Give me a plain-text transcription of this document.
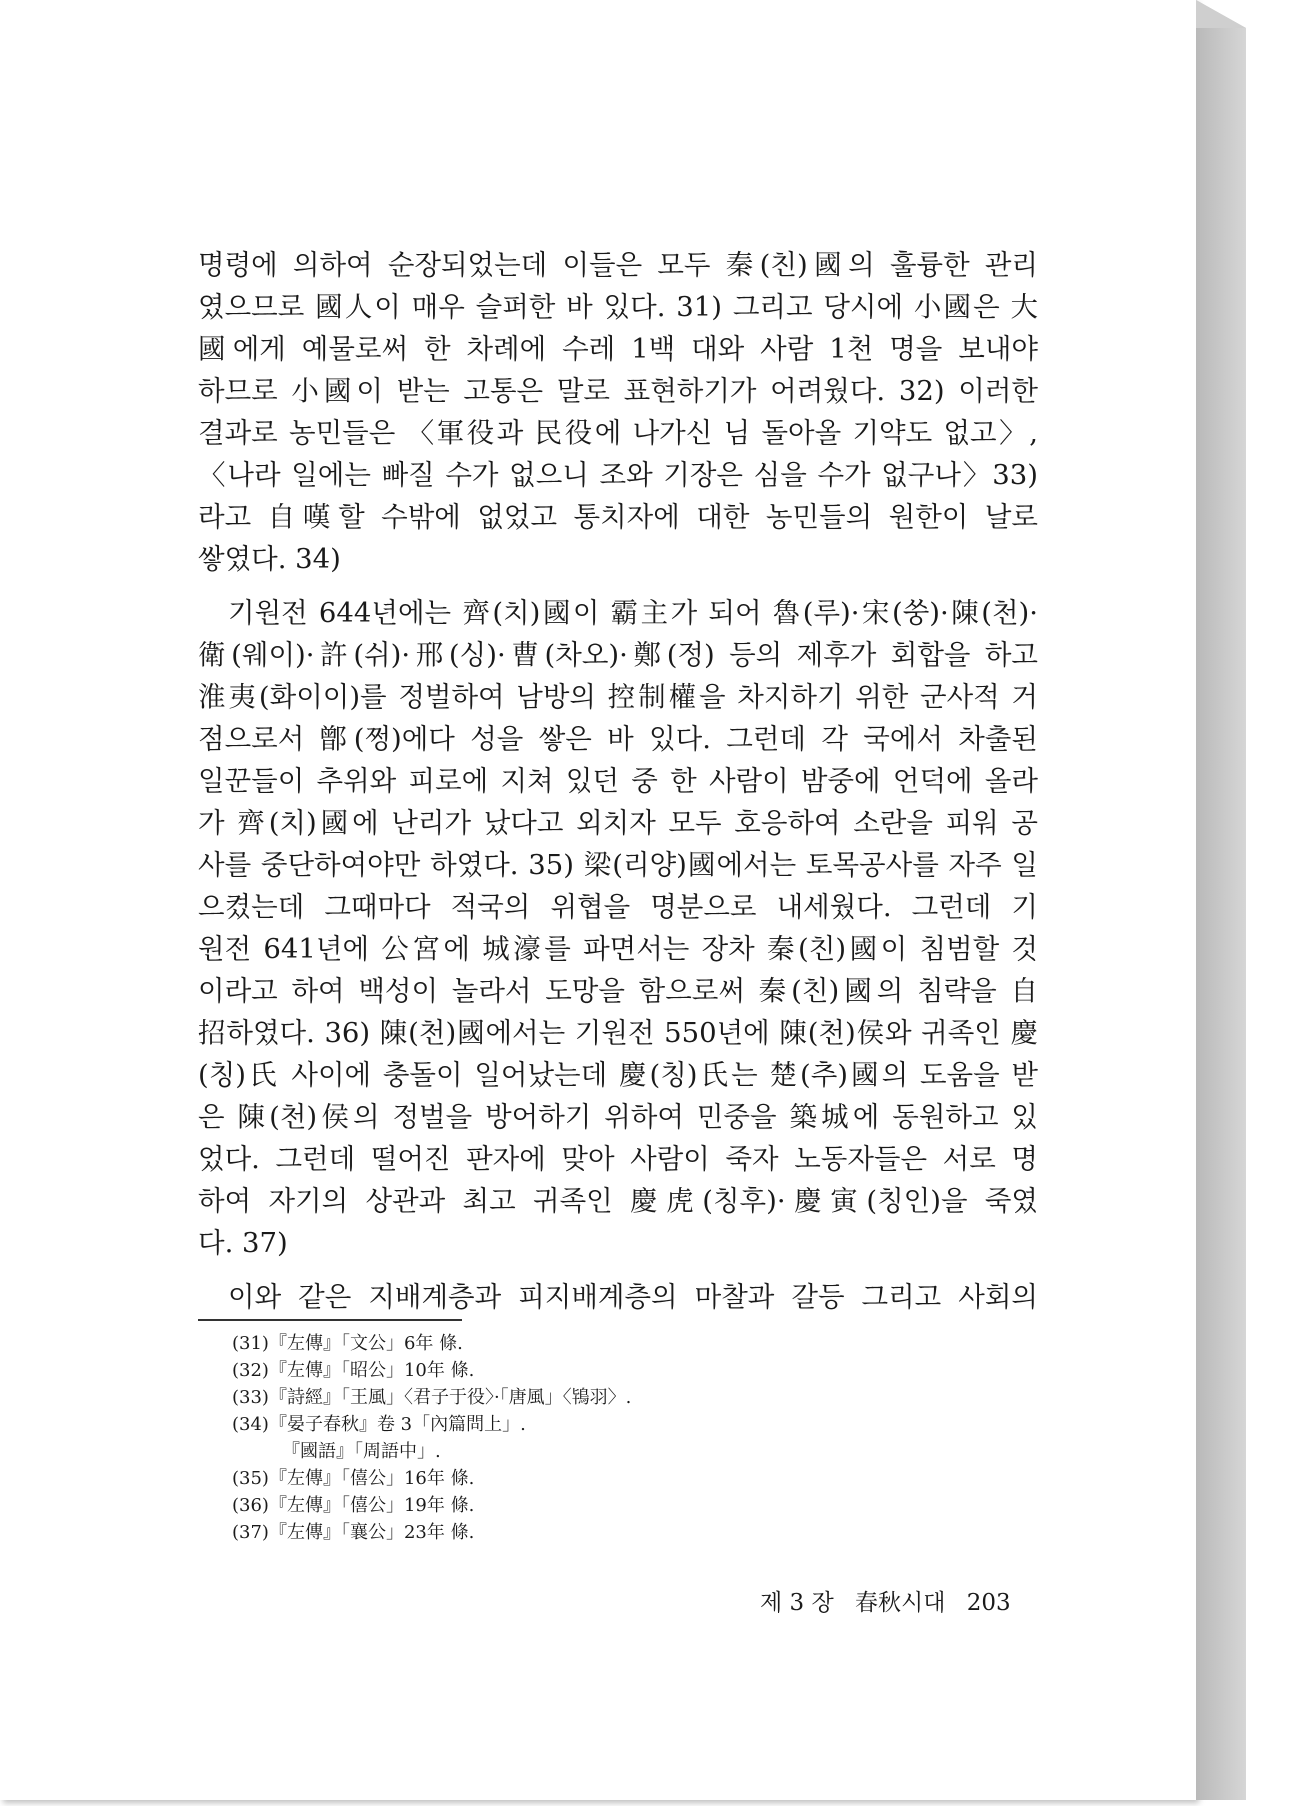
명령에 의하여 순장되었는데 이들은 모두 秦(친)國의 훌륭한 관리
였으므로 國人이 매우 슬퍼한 바 있다. 31) 그리고 당시에 小國은 大
國에게 예물로써 한 차례에 수레 1백 대와 사람 1천 명을 보내야
하므로 小國이 받는 고통은 말로 표현하기가 어려웠다. 32) 이러한
결과로 농민들은 〈軍役과 民役에 나가신 님 돌아올 기약도 없고〉,
〈나라 일에는 빠질 수가 없으니 조와 기장은 심을 수가 없구나〉33)
라고 自嘆할 수밖에 없었고 통치자에 대한 농민들의 원한이 날로
쌓였다. 34)
기원전 644년에는 齊(치)國이 霸主가 되어 魯(루)·宋(쑹)·陳(천)·
衛(웨이)·許(쉬)·邢(싱)·曹(차오)·鄭(정) 등의 제후가 회합을 하고
淮夷(화이이)를 정벌하여 남방의 控制權을 차지하기 위한 군사적 거
점으로서 鄫(쩡)에다 성을 쌓은 바 있다. 그런데 각 국에서 차출된
일꾼들이 추위와 피로에 지쳐 있던 중 한 사람이 밤중에 언덕에 올라
가 齊(치)國에 난리가 났다고 외치자 모두 호응하여 소란을 피워 공
사를 중단하여야만 하였다. 35) 梁(리양)國에서는 토목공사를 자주 일
으켰는데 그때마다 적국의 위협을 명분으로 내세웠다. 그런데 기
원전 641년에 公宮에 城濠를 파면서는 장차 秦(친)國이 침범할 것
이라고 하여 백성이 놀라서 도망을 함으로써 秦(친)國의 침략을 自
招하였다. 36) 陳(천)國에서는 기원전 550년에 陳(천)侯와 귀족인 慶
(칭)氏 사이에 충돌이 일어났는데 慶(칭)氏는 楚(추)國의 도움을 받
은 陳(천)侯의 정벌을 방어하기 위하여 민중을 築城에 동원하고 있
었다. 그런데 떨어진 판자에 맞아 사람이 죽자 노동자들은 서로 명
하여 자기의 상관과 최고 귀족인 慶虎(칭후)·慶寅(칭인)을 죽였
다. 37)
이와 같은 지배계층과 피지배계층의 마찰과 갈등 그리고 사회의
(31)『左傳』「文公」6年 條.
(32)『左傳』「昭公」10年 條.
(33)『詩經』「王風」〈君子于役〉·「唐風」〈鴇羽〉.
(34)『晏子春秋』卷 3「內篇問上」.
『國語』「周語中」.
(35)『左傳』「僖公」16年 條.
(36)『左傳』「僖公」19年 條.
(37)『左傳』「襄公」23年 條.
제 3 장 春秋시대 203
